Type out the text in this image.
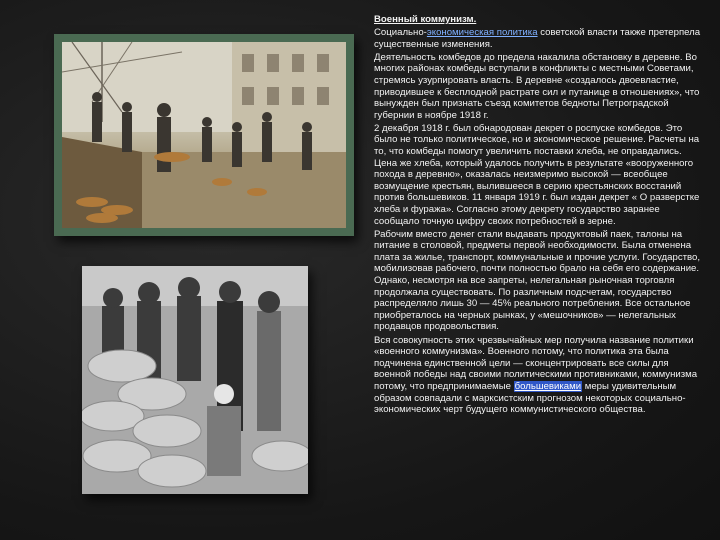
Военный коммунизм.

Социально-экономическая политика советской власти также претерпела существенные изменения.

Деятельность комбедов до предела накалила обстановку в деревне. Во многих районах комбеды вступали в конфликты с местными Советами, стремясь узурпировать власть. В деревне «создалось двоевластие, приводившее к бесплодной растрате сил и путанице в отношениях», что вынужден был признать съезд комитетов бедноты Петроградской губернии в ноябре 1918 г.

2 декабря 1918 г. был обнародован декрет о роспуске комбедов. Это было не только политическое, но и экономическое решение. Расчеты на то, что комбеды помогут увеличить поставки хлеба, не оправдались. Цена же хлеба, который удалось получить в результате «вооруженного похода в деревню», оказалась неизмеримо высокой — всеобщее возмущение крестьян, вылившееся в серию крестьянских восстаний против большевиков. 11 января 1919 г. был издан декрет « О разверстке хлеба и фуража». Согласно этому декрету государство заранее сообщало точную цифру своих потребностей в зерне.

Рабочим вместо денег стали выдавать продуктовый паек, талоны на питание в столовой, предметы первой необходимости. Была отменена плата за жилье, транспорт, коммунальные и прочие услуги. Государство, мобилизовав рабочего, почти полностью брало на себя его содержание. Однако, несмотря на все запреты, нелегальная рыночная торговля продолжала существовать. По различным подсчетам, государство распределяло лишь 30 — 45% реального потребления. Все остальное приобреталось на черных рынках, у «мешочников» — нелегальных продавцов продовольствия.

Вся совокупность этих чрезвычайных мер получила название политики «военного коммунизма». Военного потому, что политика эта была подчинена единственной цели — сконцентрировать все силы для военной победы над своими политическими противниками, коммунизма потому, что предпринимаемые большевиками меры удивительным образом совпадали с марксистским прогнозом некоторых социально-экономических черт будущего коммунистического общества.
